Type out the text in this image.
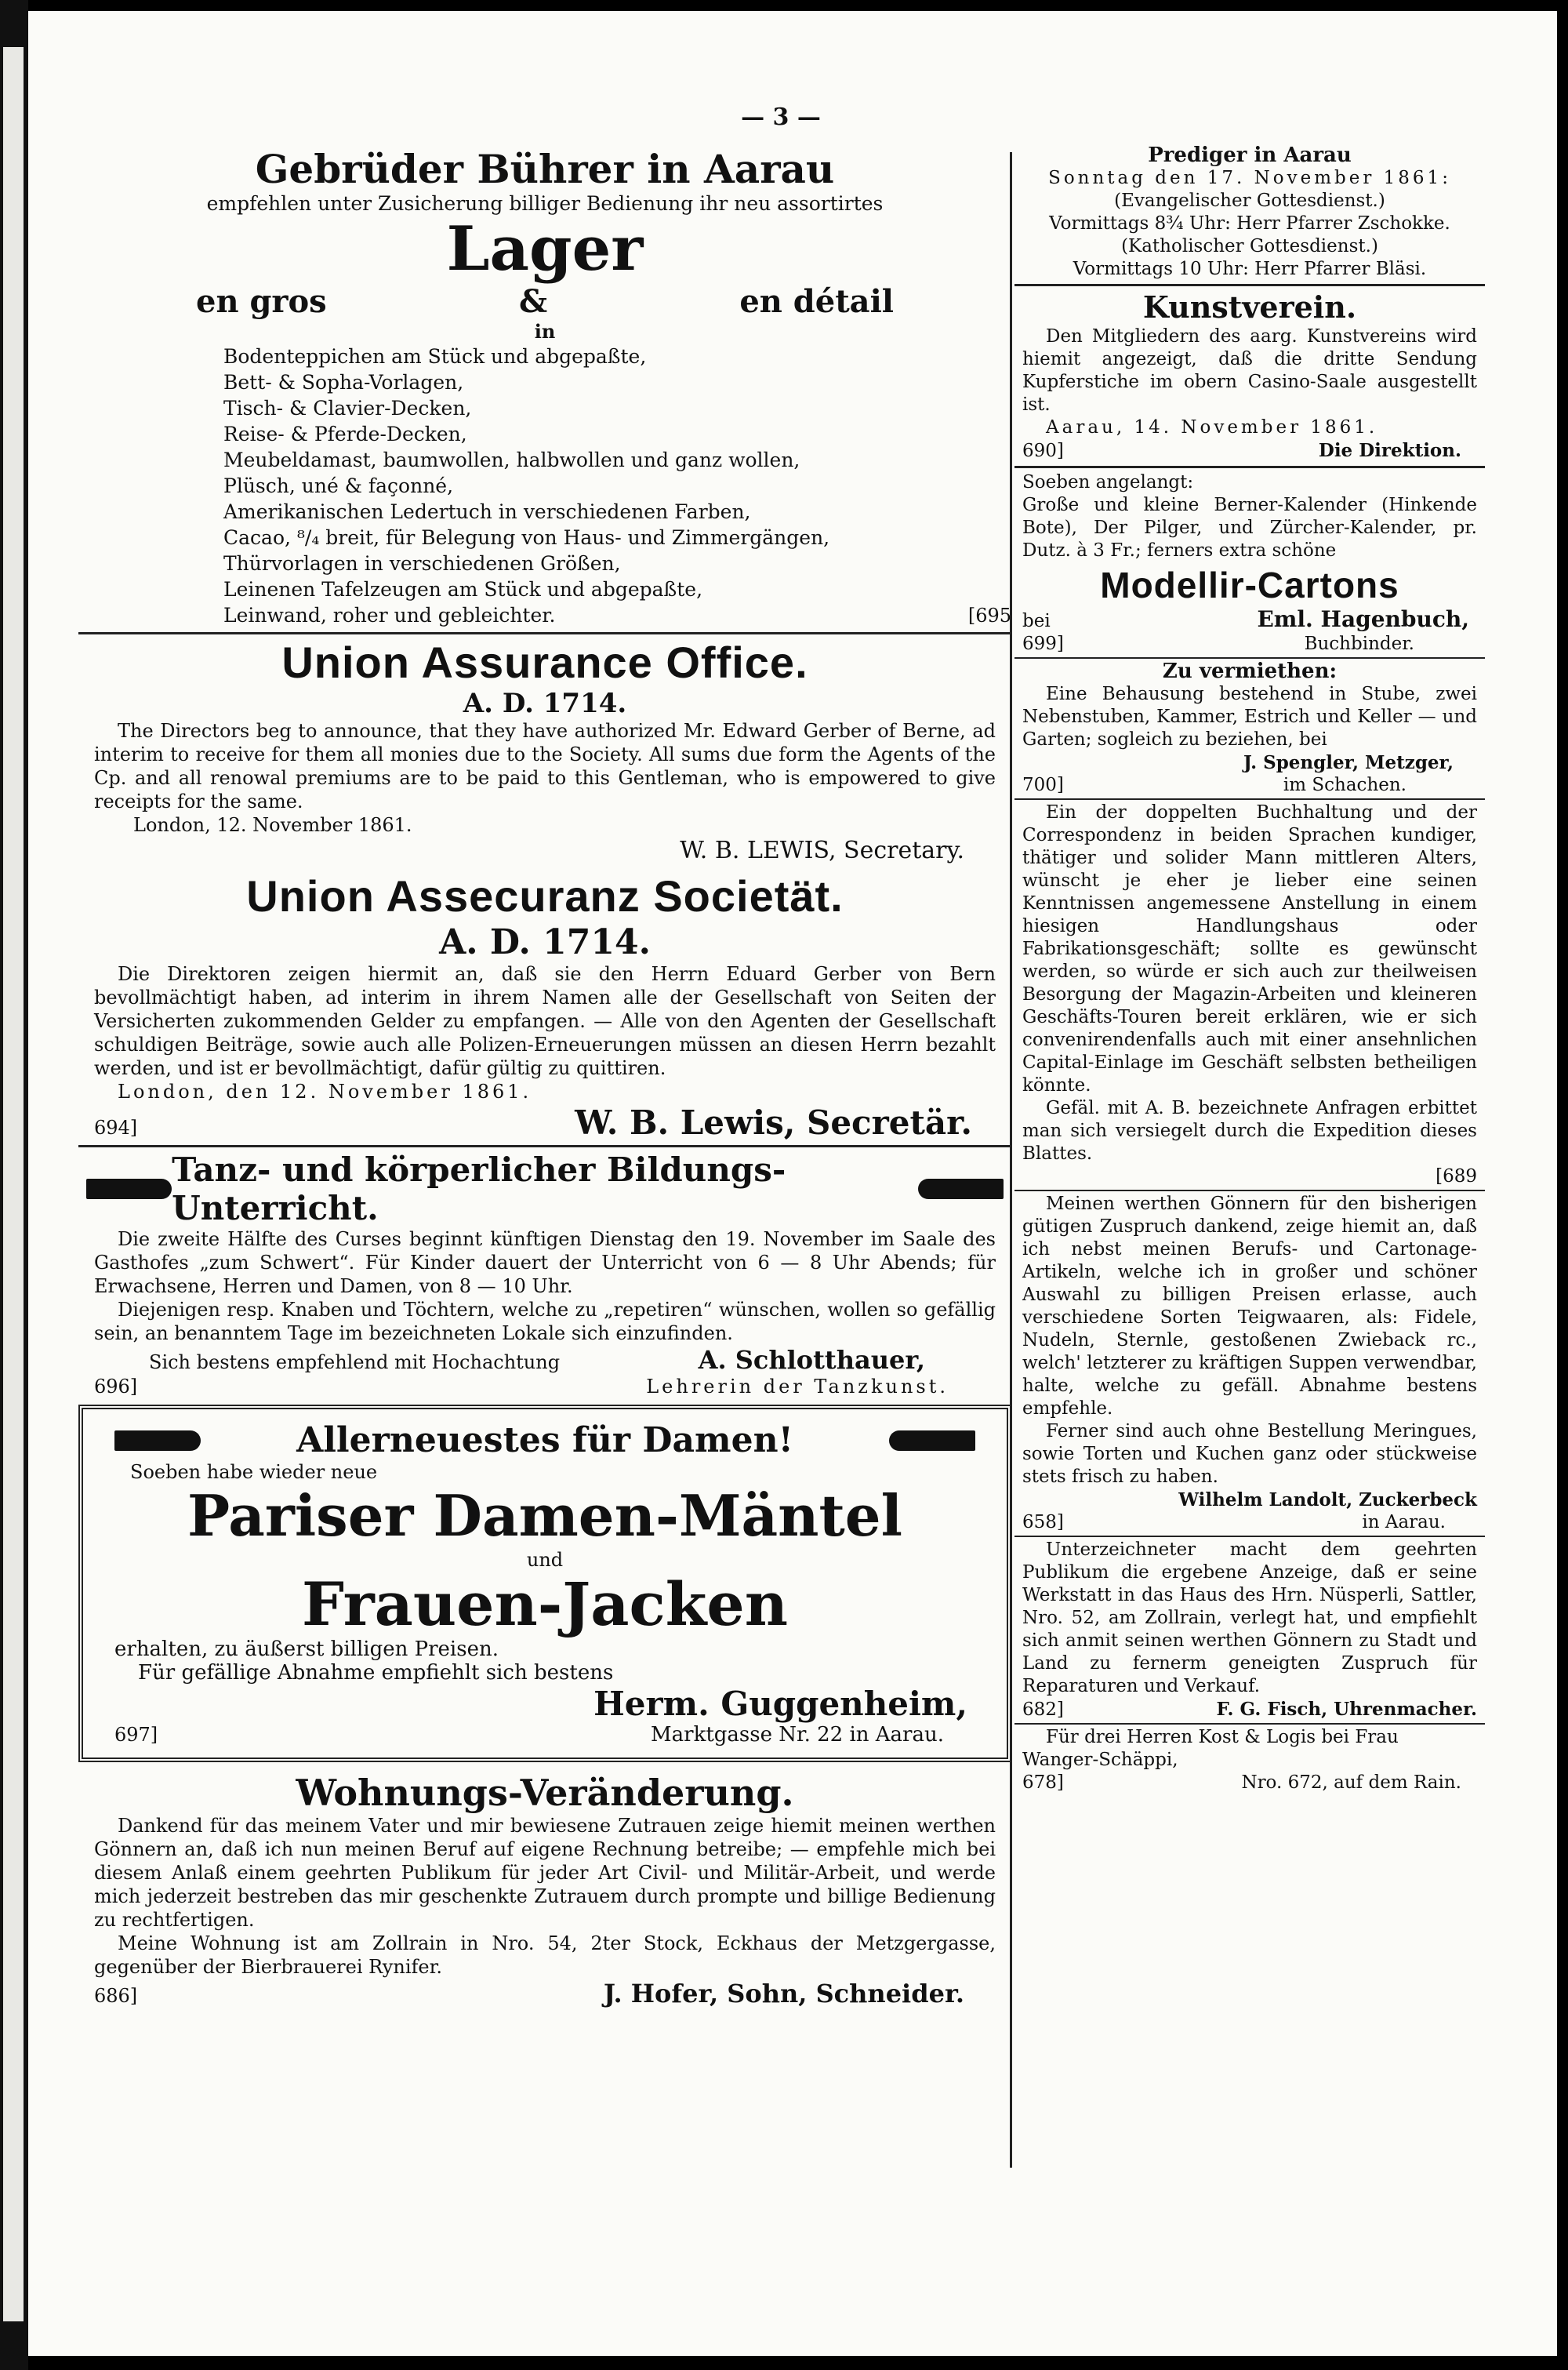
— 3 —
Gebrüder Bührer in Aarau
empfehlen unter Zusicherung billiger Bedienung ihr neu assortirtes
Lager
en gros	&	en détail
in

Bodenteppichen am Stück und abgepaßte,

Bett- & Sopha-Vorlagen,

Tisch- & Clavier-Decken,

Reise- & Pferde-Decken,

Meubeldamast, baumwollen, halbwollen und ganz wollen,

Plüsch, uné & façonné,

Amerikanischen Ledertuch in verschiedenen Farben,

Cacao, ⁸/₄ breit, für Belegung von Haus- und Zimmergängen,

Thürvorlagen in verschiedenen Größen,

Leinenen Tafelzeugen am Stück und abgepaßte,

Leinwand, roher und gebleichter.	[695
Union Assurance Office.
A. D. 1714.

The Directors beg to announce, that they have authorized Mr. Edward Gerber of Berne, ad interim to receive for them all monies due to the Society. All sums due form the Agents of the Cp. and all renowal premiums are to be paid to this Gentleman, who is empowered to give receipts for the same.

London, 12. November 1861.

W. B. LEWIS, Secretary.

Union Assecuranz Societät.
A. D. 1714.

Die Direktoren zeigen hiermit an, daß sie den Herrn Eduard Gerber von Bern bevollmächtigt haben, ad interim in ihrem Namen alle der Gesellschaft von Seiten der Versicherten zukommenden Gelder zu empfangen. — Alle von den Agenten der Gesellschaft schuldigen Beiträge, sowie auch alle Polizen-Erneuerungen müssen an diesen Herrn bezahlt werden, und ist er bevollmächtigt, dafür gültig zu quittiren.

London, den 12. November 1861.

694]	W. B. Lewis, Secretär.
Tanz- und körperlicher Bildungs-Unterricht.

Die zweite Hälfte des Curses beginnt künftigen Dienstag den 19. November im Saale des Gasthofes „zum Schwert“. Für Kinder dauert der Unterricht von 6 — 8 Uhr Abends; für Erwachsene, Herren und Damen, von 8 — 10 Uhr.

Diejenigen resp. Knaben und Töchtern, welche zu „repetiren“ wünschen, wollen so gefällig sein, an benanntem Tage im bezeichneten Lokale sich einzufinden.

Sich bestens empfehlend mit Hochachtung	A. Schlotthauer,
696]	Lehrerin der Tanzkunst.
Allerneuestes für Damen!

Soeben habe wieder neue

Pariser Damen-Mäntel
und
Frauen-Jacken

erhalten, zu äußerst billigen Preisen.

Für gefällige Abnahme empfiehlt sich bestens

Herm. Guggenheim,
697]	Marktgasse Nr. 22 in Aarau.
Wohnungs-Veränderung.

Dankend für das meinem Vater und mir bewiesene Zutrauen zeige hiemit meinen werthen Gönnern an, daß ich nun meinen Beruf auf eigene Rechnung betreibe; — empfehle mich bei diesem Anlaß einem geehrten Publikum für jeder Art Civil- und Militär-Arbeit, und werde mich jederzeit bestreben das mir geschenkte Zutrauem durch prompte und billige Bedienung zu rechtfertigen.

Meine Wohnung ist am Zollrain in Nro. 54, 2ter Stock, Eckhaus der Metzgergasse, gegenüber der Bierbrauerei Rynifer.

686]	J. Hofer, Sohn, Schneider.
Prediger in Aarau
Sonntag den 17. November 1861:
(Evangelischer Gottesdienst.)
Vormittags 8¾ Uhr: Herr Pfarrer Zschokke.
(Katholischer Gottesdienst.)
Vormittags 10 Uhr: Herr Pfarrer Bläsi.
Kunstverein.

Den Mitgliedern des aarg. Kunstvereins wird hiemit angezeigt, daß die dritte Sendung Kupferstiche im obern Casino-Saale ausgestellt ist.

Aarau, 14. November 1861.

690]	Die Direktion.

Soeben angelangt:

Große und kleine Berner-Kalender (Hinkende Bote), Der Pilger, und Zürcher-Kalender, pr. Dutz. à 3 Fr.; ferners extra schöne

Modellir-Cartons
bei	Eml. Hagenbuch,
699]	Buchbinder.
Zu vermiethen:

Eine Behausung bestehend in Stube, zwei Nebenstuben, Kammer, Estrich und Keller — und Garten; sogleich zu beziehen, bei

J. Spengler, Metzger,
700]	im Schachen.

Ein der doppelten Buchhaltung und der Correspondenz in beiden Sprachen kundiger, thätiger und solider Mann mittleren Alters, wünscht je eher je lieber eine seinen Kenntnissen angemessene Anstellung in einem hiesigen Handlungshaus oder Fabrikationsgeschäft; sollte es gewünscht werden, so würde er sich auch zur theilweisen Besorgung der Magazin-Arbeiten und kleineren Geschäfts-Touren bereit erklären, wie er sich convenirendenfalls auch mit einer ansehnlichen Capital-Einlage im Geschäft selbsten betheiligen könnte.

Gefäl. mit A. B. bezeichnete Anfragen erbittet man sich versiegelt durch die Expedition dieses Blattes.

[689

Meinen werthen Gönnern für den bisherigen gütigen Zuspruch dankend, zeige hiemit an, daß ich nebst meinen Berufs- und Cartonage-Artikeln, welche ich in großer und schöner Auswahl zu billigen Preisen erlasse, auch verschiedene Sorten Teigwaaren, als: Fidele, Nudeln, Sternle, gestoßenen Zwieback rc., welch' letzterer zu kräftigen Suppen verwendbar, halte, welche zu gefäll. Abnahme bestens empfehle.

Ferner sind auch ohne Bestellung Meringues, sowie Torten und Kuchen ganz oder stückweise stets frisch zu haben.

Wilhelm Landolt, Zuckerbeck
658]	in Aarau.

Unterzeichneter macht dem geehrten Publikum die ergebene Anzeige, daß er seine Werkstatt in das Haus des Hrn. Nüsperli, Sattler, Nro. 52, am Zollrain, verlegt hat, und empfiehlt sich anmit seinen werthen Gönnern zu Stadt und Land zu fernerm geneigten Zuspruch für Reparaturen und Verkauf.

682]	F. G. Fisch, Uhrenmacher.

Für drei Herren Kost & Logis bei Frau Wanger-Schäppi,

678]	Nro. 672, auf dem Rain.
